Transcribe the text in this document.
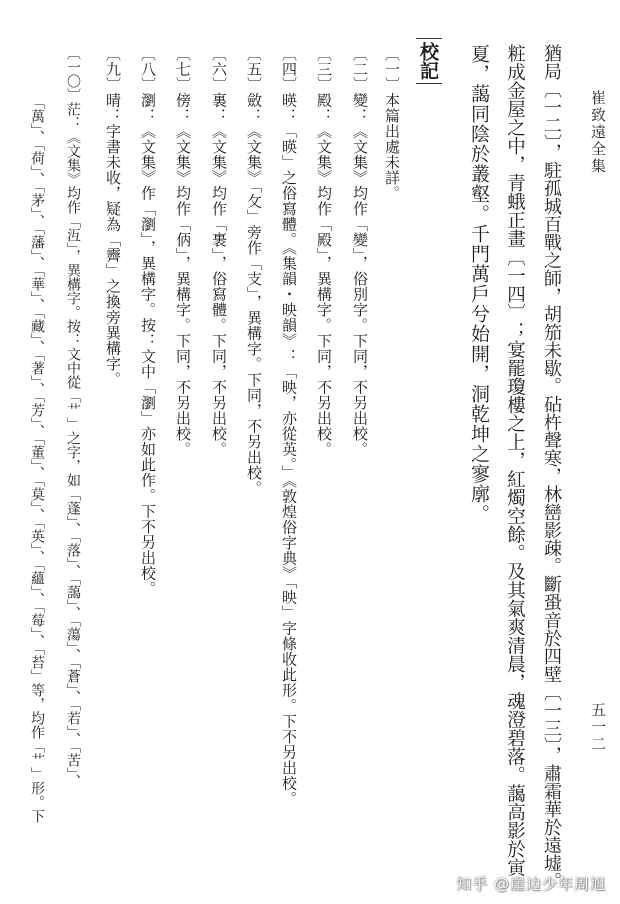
崔致遠全集
五一二
猶局〔一二〕，駐孤城百戰之師，胡笳未歇。砧杵聲寒，林巒影疎。斷蛩音於四壁〔一三〕，肅霜華於遠墟。
粧成金屋之中，青蛾正畫〔一四〕；宴罷瓊樓之上，紅燭空餘。及其氣爽清晨，魂澄碧落。藹高影於寅
夏，藹同陰於叢壑。千門萬戶兮始開，洞乾坤之寥廓。
校記
〔一〕本篇出處未詳。
〔二〕變：《文集》均作「變」，俗別字。下同，不另出校。
〔三〕殿：《文集》均作「殿」，異構字。下同，不另出校。
〔四〕暎：「暎」之俗寫體。《集韻・映韻》：「映，亦從英。」《敦煌俗字典》「映」字條收此形。下不另出校。
〔五〕斂：《文集》「攵」旁作「支」，異構字。下同，不另出校。
〔六〕裏：《文集》均作「裹」，俗寫體。下同，不另出校。
〔七〕傍：《文集》均作「㑂」，異構字。下同，不另出校。
〔八〕瀏：《文集》作「瀏」，異構字。按：文中「瀏」亦如此作。下不另出校。
〔九〕晴：字書未收，疑為「霽」之換旁異構字。
〔一〇〕茫：《文集》均作「沍」，異構字。按：文中從「艹」之字，如「蓬」、「落」、「藹」、「蕩」、「蒼」、「若」、「苦」、
「萬」、「荷」、「茅」、「藩」、「華」、「藏」、「著」、「芳」、「董」、「莫」、「英」、「蘊」、「莓」、「苔」等，均作「艹」形。下
知乎 @崖边少年周旭
